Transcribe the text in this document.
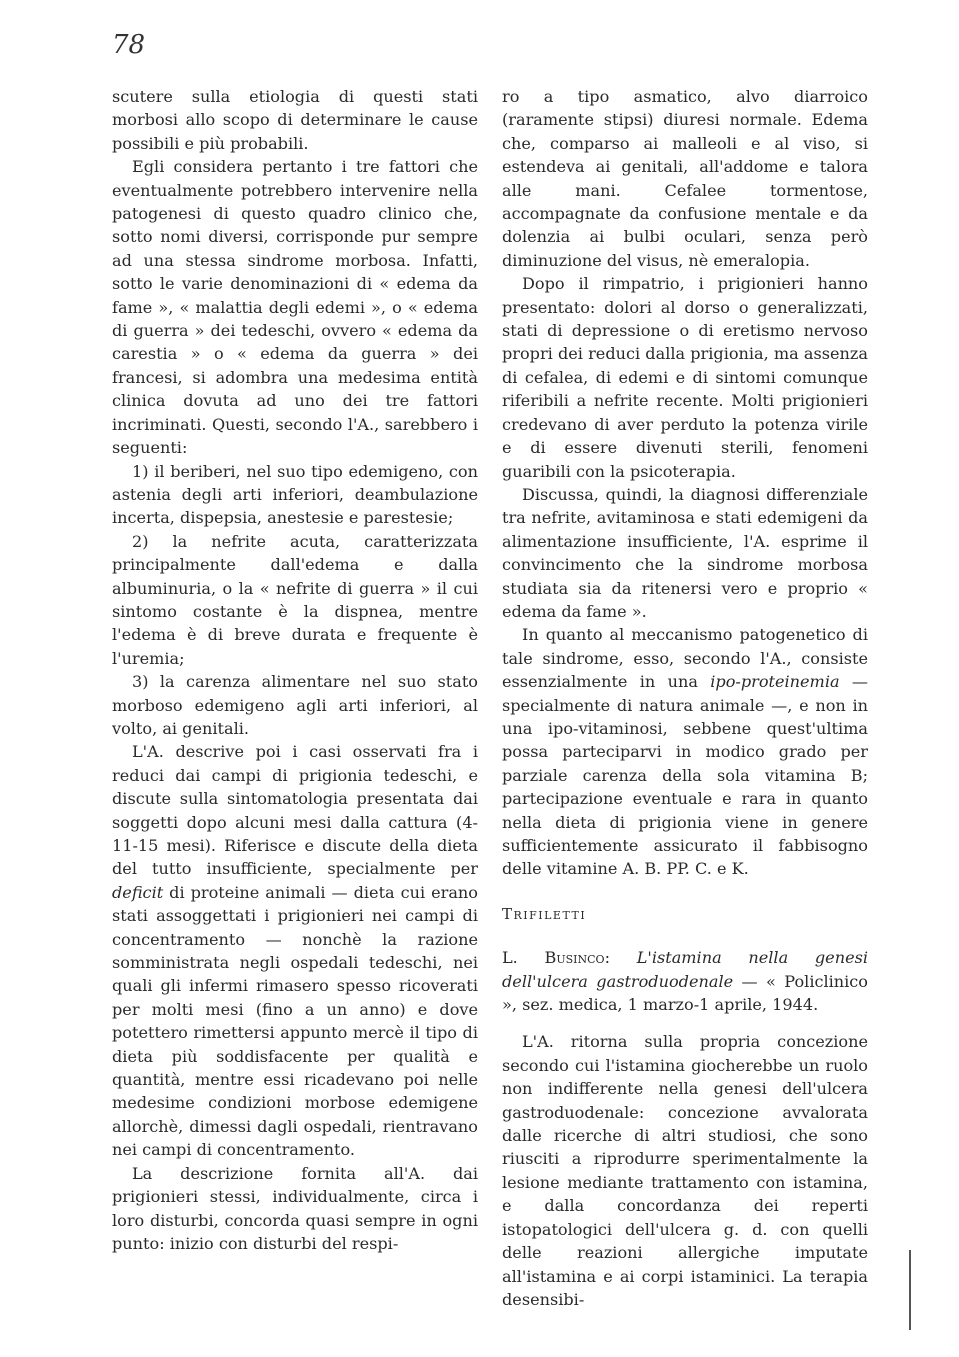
78

scutere sulla etiologia di questi stati morbosi allo scopo di determinare le cause possibili e più probabili.

Egli considera pertanto i tre fattori che eventualmente potrebbero intervenire nella patogenesi di questo quadro clinico che, sotto nomi diversi, corrisponde pur sempre ad una stessa sindrome morbosa. Infatti, sotto le varie denominazioni di « edema da fame », « malattia degli edemi », o « edema di guerra » dei tedeschi, ovvero « edema da carestia » o « edema da guerra » dei francesi, si adombra una medesima entità clinica dovuta ad uno dei tre fattori incriminati. Questi, secondo l'A., sarebbero i seguenti:

1) il beriberi, nel suo tipo edemigeno, con astenia degli arti inferiori, deambulazione incerta, dispepsia, anestesie e parestesie;

2) la nefrite acuta, caratterizzata principalmente dall'edema e dalla albuminuria, o la « nefrite di guerra » il cui sintomo costante è la dispnea, mentre l'edema è di breve durata e frequente è l'uremia;

3) la carenza alimentare nel suo stato morboso edemigeno agli arti inferiori, al volto, ai genitali.

L'A. descrive poi i casi osservati fra i reduci dai campi di prigionia tedeschi, e discute sulla sintomatologia presentata dai soggetti dopo alcuni mesi dalla cattura (4-11-15 mesi). Riferisce e discute della dieta del tutto insufficiente, specialmente per deficit di proteine animali — dieta cui erano stati assoggettati i prigionieri nei campi di concentramento — nonchè la razione somministrata negli ospedali tedeschi, nei quali gli infermi rimasero spesso ricoverati per molti mesi (fino a un anno) e dove potettero rimettersi appunto mercè il tipo di dieta più soddisfacente per qualità e quantità, mentre essi ricadevano poi nelle medesime condizioni morbose edemigene allorchè, dimessi dagli ospedali, rientravano nei campi di concentramento.

La descrizione fornita all'A. dai prigionieri stessi, individualmente, circa i loro disturbi, concorda quasi sempre in ogni punto: inizio con disturbi del respi-

ro a tipo asmatico, alvo diarroico (raramente stipsi) diuresi normale. Edema che, comparso ai malleoli e al viso, si estendeva ai genitali, all'addome e talora alle mani. Cefalee tormentose, accompagnate da confusione mentale e da dolenzia ai bulbi oculari, senza però diminuzione del visus, nè emeralopia.

Dopo il rimpatrio, i prigionieri hanno presentato: dolori al dorso o generalizzati, stati di depressione o di eretismo nervoso propri dei reduci dalla prigionia, ma assenza di cefalea, di edemi e di sintomi comunque riferibili a nefrite recente. Molti prigionieri credevano di aver perduto la potenza virile e di essere divenuti sterili, fenomeni guaribili con la psicoterapia.

Discussa, quindi, la diagnosi differenziale tra nefrite, avitaminosa e stati edemigeni da alimentazione insufficiente, l'A. esprime il convincimento che la sindrome morbosa studiata sia da ritenersi vero e proprio « edema da fame ».

In quanto al meccanismo patogenetico di tale sindrome, esso, secondo l'A., consiste essenzialmente in una ipo-proteinemia — specialmente di natura animale —, e non in una ipo-vitaminosi, sebbene quest'ultima possa parteciparvi in modico grado per parziale carenza della sola vitamina B; partecipazione eventuale e rara in quanto nella dieta di prigionia viene in genere sufficientemente assicurato il fabbisogno delle vitamine A. B. PP. C. e K.

Trifiletti

L. Businco: L'istamina nella genesi dell'ulcera gastroduodenale — « Policlinico », sez. medica, 1 marzo-1 aprile, 1944.

L'A. ritorna sulla propria concezione secondo cui l'istamina giocherebbe un ruolo non indifferente nella genesi dell'ulcera gastroduodenale: concezione avvalorata dalle ricerche di altri studiosi, che sono riusciti a riprodurre sperimentalmente la lesione mediante trattamento con istamina, e dalla concordanza dei reperti istopatologici dell'ulcera g. d. con quelli delle reazioni allergiche imputate all'istamina e ai corpi istaminici. La terapia desensibi-
